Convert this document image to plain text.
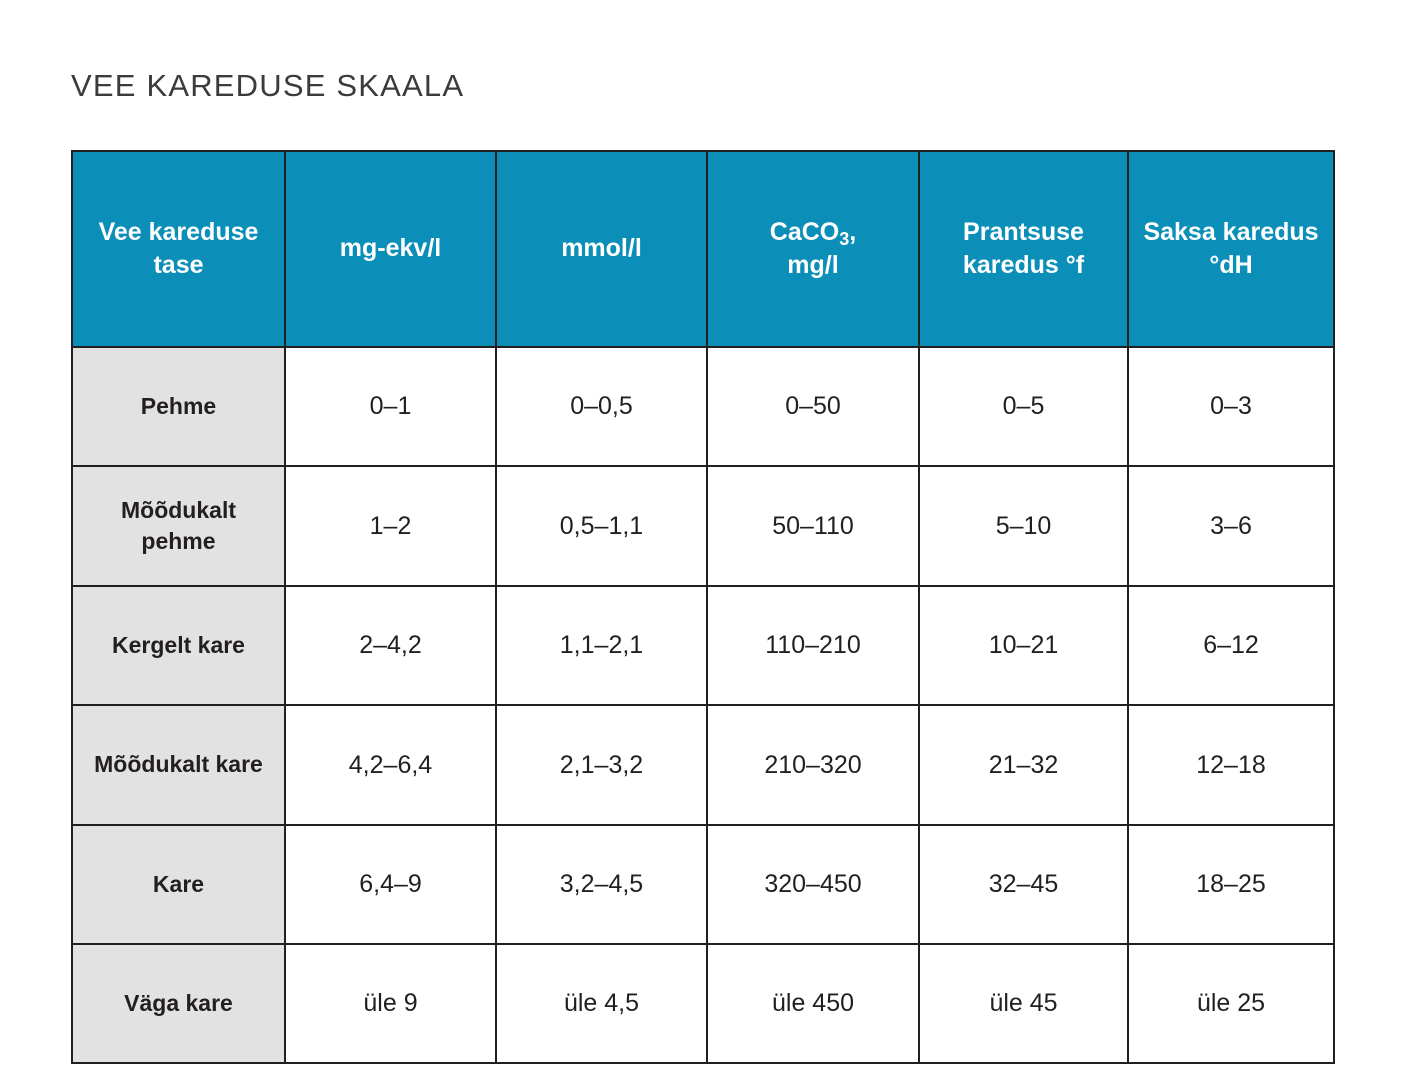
VEE KAREDUSE SKAALA
Vee kareduse tase	mg-ekv/l	mmol/l	CaCO$_3$,
mg/l	Prantsuse karedus °f	Saksa karedus °dH
Pehme	0–1	0–0,5	0–50	0–5	0–3
Mõõdukalt pehme	1–2	0,5–1,1	50–110	5–10	3–6
Kergelt kare	2–4,2	1,1–2,1	110–210	10–21	6–12
Mõõdukalt kare	4,2–6,4	2,1–3,2	210–320	21–32	12–18
Kare	6,4–9	3,2–4,5	320–450	32–45	18–25
Väga kare	üle 9	üle 4,5	üle 450	üle 45	üle 25
